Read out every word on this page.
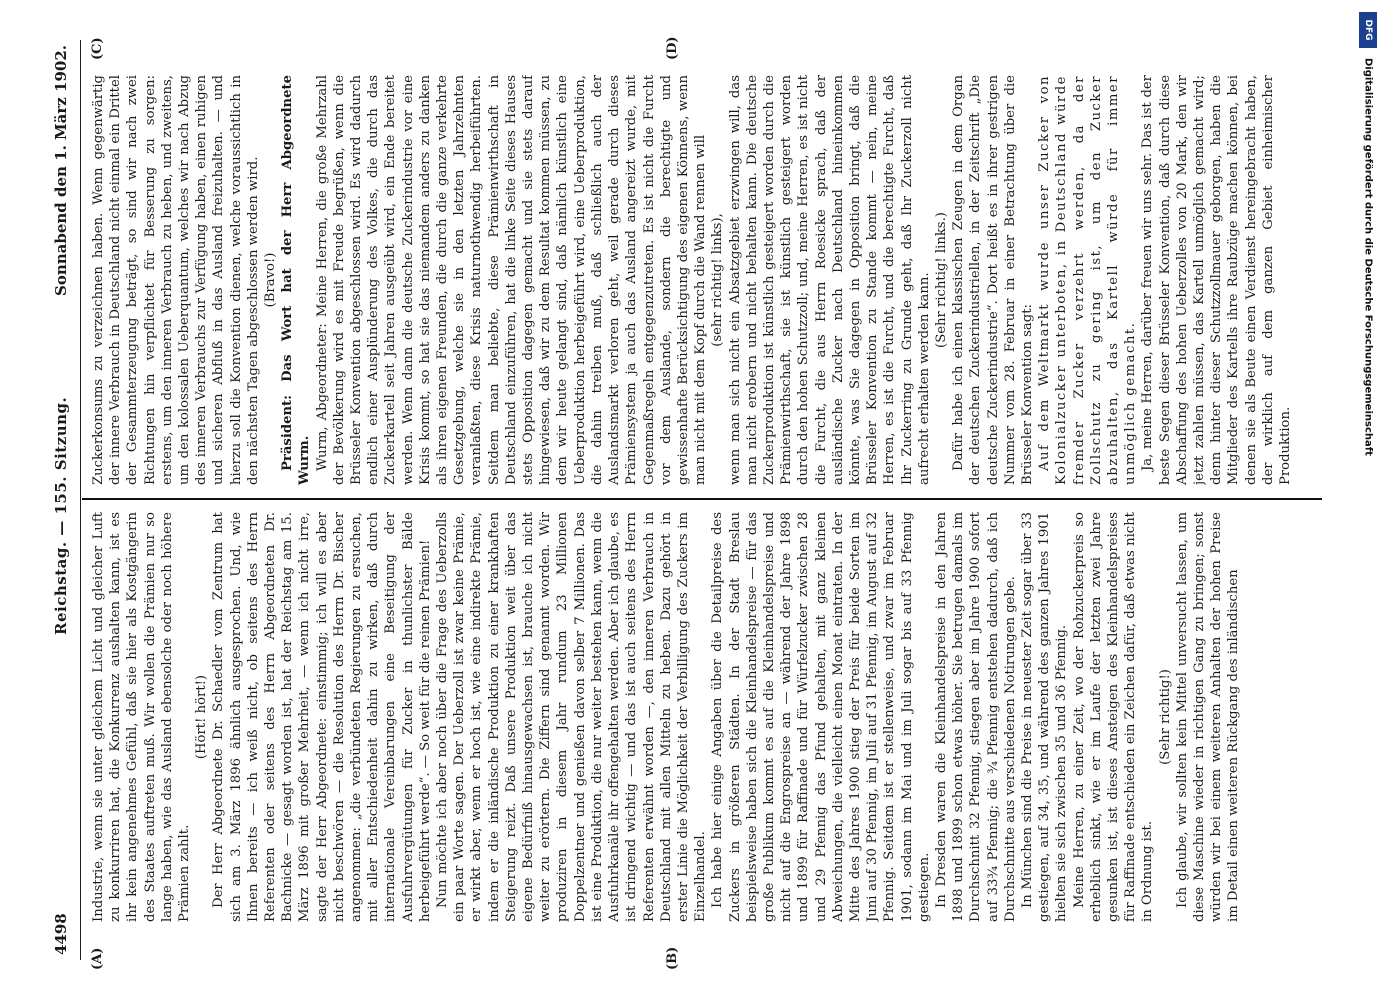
4498
Reichstag. — 155. Sitzung.
Sonnabend den 1. März 1902.
(A)	(B)
(C)	(D)

Industrie, wenn sie unter gleichem Licht und gleicher Luft zu konkurriren hat, die Konkurrenz aushalten kann, ist es ihr kein angenehmes Gefühl, daß sie hier als Kostgängerin des Staates auftreten muß. Wir wollen die Prämien nur so lange haben, wie das Ausland ebensolche oder noch höhere Prämien zahlt.

(Hört! hört!) Der Herr Abgeordnete Dr. Schaedler vom Zentrum hat sich am 3. März 1896 ähnlich ausgesprochen. Und, wie Ihnen bereits — ich weiß nicht, ob seitens des Herrn Referenten oder seitens des Herrn Abgeordneten Dr. Bachnicke — gesagt worden ist, hat der Reichstag am 15. März 1896 mit großer Mehrheit, — wenn ich nicht irre, sagte der Herr Abgeordnete: einstimmig; ich will es aber nicht beschwören — die Resolution des Herrn Dr. Bischer angenommen: „die verbündeten Regierungen zu ersuchen, mit aller Entschiedenheit dahin zu wirken, daß durch internationale Vereinbarungen eine Beseitigung der Ausfuhrvergütungen für Zucker in thunlichster Bälde herbeigeführt werde“. — So weit für die reinen Prämien! Nun möchte ich aber noch über die Frage des Ueberzolls ein paar Worte sagen. Der Ueberzoll ist zwar keine Prämie, er wirkt aber, wenn er hoch ist, wie eine indirekte Prämie, indem er die inländische Produktion zu einer krankhaften Steigerung reizt. Daß unsere Produktion weit über das eigene Bedürfniß hinausgewachsen ist, brauche ich nicht weiter zu erörtern. Die Ziffern sind genannt worden. Wir produziren in diesem Jahr rundum 23 Millionen Doppelzentner und genießen davon selber 7 Millionen. Das ist eine Produktion, die nur weiter bestehen kann, wenn die Ausfuhrkanäle ihr offengehalten werden. Aber ich glaube, es ist dringend wichtig — und das ist auch seitens des Herrn Referenten erwähnt worden —, den inneren Verbrauch in Deutschland mit allen Mitteln zu heben. Dazu gehört in erster Linie die Möglichkeit der Verbilligung des Zuckers im Einzelhandel. Ich habe hier einige Angaben über die Detailpreise des Zuckers in größeren Städten. In der Stadt Breslau beispielsweise haben sich die Kleinhandelspreise — für das große Publikum kommt es auf die Kleinhandelspreise und nicht auf die Engrospreise an — während der Jahre 1898 und 1899 für Raffinade und für Würfelzucker zwischen 28 und 29 Pfennig das Pfund gehalten, mit ganz kleinen Abweichungen, die vielleicht einen Monat eintraten. In der Mitte des Jahres 1900 stieg der Preis für beide Sorten im Juni auf 30 Pfennig, im Juli auf 31 Pfennig, im August auf 32 Pfennig. Seitdem ist er stellenweise, und zwar im Februar 1901, sodann im Mai und im Juli sogar bis auf 33 Pfennig gestiegen. In Dresden waren die Kleinhandelspreise in den Jahren 1898 und 1899 schon etwas höher. Sie betrugen damals im Durchschnitt 32 Pfennig, stiegen aber im Jahre 1900 sofort auf 33¾ Pfennig; die ¾ Pfennig entstehen dadurch, daß ich Durchschnitte aus verschiedenen Notirungen gebe. In München sind die Preise in neuester Zeit sogar über 33 gestiegen, auf 34, 35, und während des ganzen Jahres 1901 hielten sie sich zwischen 35 und 36 Pfennig. Meine Herren, zu einer Zeit, wo der Rohzuckerpreis so erheblich sinkt, wie er im Laufe der letzten zwei Jahre gesunken ist, ist dieses Ansteigen des Kleinhandelspreises für Raffinade entschieden ein Zeichen dafür, daß etwas nicht in Ordnung ist.

(Sehr richtig!) Ich glaube, wir sollten kein Mittel unversucht lassen, um diese Maschine wieder in richtigen Gang zu bringen; sonst würden wir bei einem weiteren Anhalten der hohen Preise im Detail einen weiteren Rückgang des inländischen

Zuckerkonsums zu verzeichnen haben. Wenn gegenwärtig der innere Verbrauch in Deutschland nicht einmal ein Drittel der Gesammterzeugung beträgt, so sind wir nach zwei Richtungen hin verpflichtet für Besserung zu sorgen: erstens, um den inneren Verbrauch zu heben, und zweitens, um den kolossalen Ueberquantum, welches wir nach Abzug des inneren Verbrauchs zur Verfügung haben, einen ruhigen und sicheren Abfluß in das Ausland freizuhalten. — und hierzu soll die Konvention dienen, welche voraussichtlich in den nächsten Tagen abgeschlossen werden wird. (Bravo!) Präsident: Das Wort hat der Herr Abgeordnete Wurm. Wurm, Abgeordneter: Meine Herren, die große Mehrzahl der Bevölkerung wird es mit Freude begrüßen, wenn die Brüsseler Konvention abgeschlossen wird. Es wird dadurch endlich einer Ausplünderung des Volkes, die durch das Zuckerkartell seit Jahren ausgeübt wird, ein Ende bereitet werden. Wenn dann die deutsche Zuckerindustrie vor eine Krisis kommt, so hat sie das niemandem anders zu danken als ihren eigenen Freunden, die durch die ganze verkehrte Gesetzgebung, welche sie in den letzten Jahrzehnten veranlaßten, diese Krisis naturnothwendig herbeiführten. Seitdem man beliebte, diese Prämienwirthschaft in Deutschland einzuführen, hat die linke Seite dieses Hauses stets Opposition dagegen gemacht und sie stets darauf hingewiesen, daß wir zu dem Resultat kommen müssen, zu dem wir heute gelangt sind, daß nämlich künstlich eine Ueberproduktion herbeigeführt wird, eine Ueberproduktion, die dahin treiben muß, daß schließlich auch der Auslandsmarkt verloren geht, weil gerade durch dieses Prämiensystem ja auch das Ausland angereizt wurde, mit Gegenmaßregeln entgegenzutreten. Es ist nicht die Furcht vor dem Auslande, sondern die berechtigte und gewissenhafte Berücksichtigung des eigenen Könnens, wenn man nicht mit dem Kopf durch die Wand rennen will (sehr richtig! links), wenn man sich nicht ein Absatzgebiet erzwingen will, das man nicht erobern und nicht behalten kann. Die deutsche Zuckerproduktion ist künstlich gesteigert worden durch die Prämienwirthschaft, sie ist künstlich gesteigert worden durch den hohen Schutzzoll; und, meine Herren, es ist nicht die Furcht, die aus Herrn Roesicke sprach, daß der ausländische Zucker nach Deutschland hineinkommen könnte, was Sie dagegen in Opposition bringt, daß die Brüsseler Konvention zu Stande kommt — nein, meine Herren, es ist die Furcht, und die berechtigte Furcht, daß Ihr Zuckerring zu Grunde geht, daß Ihr Zuckerzoll nicht aufrecht erhalten werden kann. (Sehr richtig! links.) Dafür habe ich einen klassischen Zeugen in dem Organ der deutschen Zuckerindustriellen, in der Zeitschrift „Die deutsche Zuckerindustrie“. Dort heißt es in ihrer gestrigen Nummer vom 28. Februar in einer Betrachtung über die Brüsseler Konvention sagt: Auf dem Weltmarkt wurde unser Zucker von Kolonialzucker unterboten, in Deutschland würde fremder Zucker verzehrt werden, da der Zollschutz zu gering ist, um den Zucker abzuhalten, das Kartell würde für immer unmöglich gemacht. Ja, meine Herren, darüber freuen wir uns sehr. Das ist der beste Segen dieser Brüsseler Konvention, daß durch diese Abschaffung des hohen Ueberzolles von 20 Mark, den wir jetzt zahlen müssen, das Kartell unmöglich gemacht wird; denn hinter dieser Schutzzollmauer geborgen, haben die Mitglieder des Kartells ihre Raubzüge machen können, bei denen sie als Beute einen Verdienst hereingebracht haben, der wirklich auf dem ganzen Gebiet einheimischer Produktion.

DFG
Digitalisierung gefördert durch die Deutsche Forschungsgemeinschaft
